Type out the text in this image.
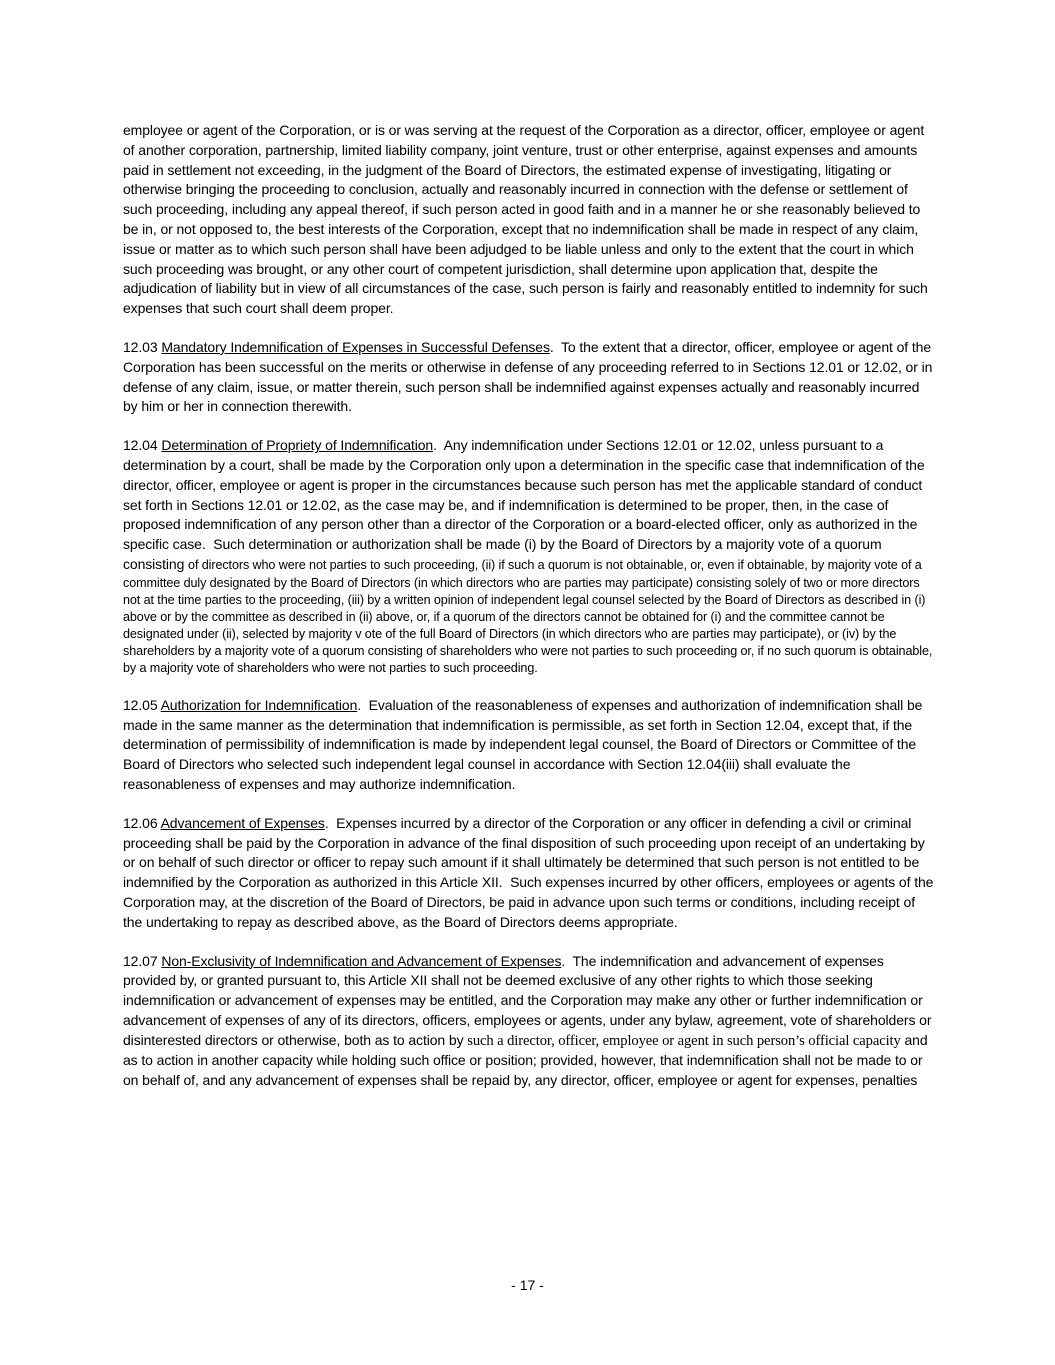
employee or agent of the Corporation, or is or was serving at the request of the Corporation as a director, officer, employee or agent of another corporation, partnership, limited liability company, joint venture, trust or other enterprise, against expenses and amounts paid in settlement not exceeding, in the judgment of the Board of Directors, the estimated expense of investigating, litigating or otherwise bringing the proceeding to conclusion, actually and reasonably incurred in connection with the defense or settlement of such proceeding, including any appeal thereof, if such person acted in good faith and in a manner he or she reasonably believed to be in, or not opposed to, the best interests of the Corporation, except that no indemnification shall be made in respect of any claim, issue or matter as to which such person shall have been adjudged to be liable unless and only to the extent that the court in which such proceeding was brought, or any other court of competent jurisdiction, shall determine upon application that, despite the adjudication of liability but in view of all circumstances of the case, such person is fairly and reasonably entitled to indemnity for such expenses that such court shall deem proper.

12.03 Mandatory Indemnification of Expenses in Successful Defenses.  To the extent that a director, officer, employee or agent of the Corporation has been successful on the merits or otherwise in defense of any proceeding referred to in Sections 12.01 or 12.02, or in defense of any claim, issue, or matter therein, such person shall be indemnified against expenses actually and reasonably incurred by him or her in connection therewith.

12.04 Determination of Propriety of Indemnification.  Any indemnification under Sections 12.01 or 12.02, unless pursuant to a determination by a court, shall be made by the Corporation only upon a determination in the specific case that indemnification of the director, officer, employee or agent is proper in the circumstances because such person has met the applicable standard of conduct set forth in Sections 12.01 or 12.02, as the case may be, and if indemnification is determined to be proper, then, in the case of proposed indemnification of any person other than a director of the Corporation or a board-elected officer, only as authorized in the specific case.  Such determination or authorization shall be made (i) by the Board of Directors by a majority vote of a quorum consisting of directors who were not parties to such proceeding, (ii) if such a quorum is not obtainable, or, even if obtainable, by majority vote of a committee duly designated by the Board of Directors (in which directors who are parties may participate) consisting solely of two or more directors not at the time parties to the proceeding, (iii) by a written opinion of independent legal counsel selected by the Board of Directors as described in (i) above or by the committee as described in (ii) above, or, if a quorum of the directors cannot be obtained for (i) and the committee cannot be designated under (ii), selected by majority v ote of the full Board of Directors (in which directors who are parties may participate), or (iv) by the shareholders by a majority vote of a quorum consisting of shareholders who were not parties to such proceeding or, if no such quorum is obtainable, by a majority vote of shareholders who were not parties to such proceeding.

12.05 Authorization for Indemnification.  Evaluation of the reasonableness of expenses and authorization of indemnification shall be made in the same manner as the determination that indemnification is permissible, as set forth in Section 12.04, except that, if the determination of permissibility of indemnification is made by independent legal counsel, the Board of Directors or Committee of the Board of Directors who selected such independent legal counsel in accordance with Section 12.04(iii) shall evaluate the reasonableness of expenses and may authorize indemnification.

12.06 Advancement of Expenses.  Expenses incurred by a director of the Corporation or any officer in defending a civil or criminal proceeding shall be paid by the Corporation in advance of the final disposition of such proceeding upon receipt of an undertaking by or on behalf of such director or officer to repay such amount if it shall ultimately be determined that such person is not entitled to be indemnified by the Corporation as authorized in this Article XII.  Such expenses incurred by other officers, employees or agents of the Corporation may, at the discretion of the Board of Directors, be paid in advance upon such terms or conditions, including receipt of the undertaking to repay as described above, as the Board of Directors deems appropriate.

12.07 Non-Exclusivity of Indemnification and Advancement of Expenses.  The indemnification and advancement of expenses provided by, or granted pursuant to, this Article XII shall not be deemed exclusive of any other rights to which those seeking indemnification or advancement of expenses may be entitled, and the Corporation may make any other or further indemnification or advancement of expenses of any of its directors, officers, employees or agents, under any bylaw, agreement, vote of shareholders or disinterested directors or otherwise, both as to action by such a director, officer, employee or agent in such person’s official capacity and as to action in another capacity while holding such office or position; provided, however, that indemnification shall not be made to or on behalf of, and any advancement of expenses shall be repaid by, any director, officer, employee or agent for expenses, penalties

- 17 -
